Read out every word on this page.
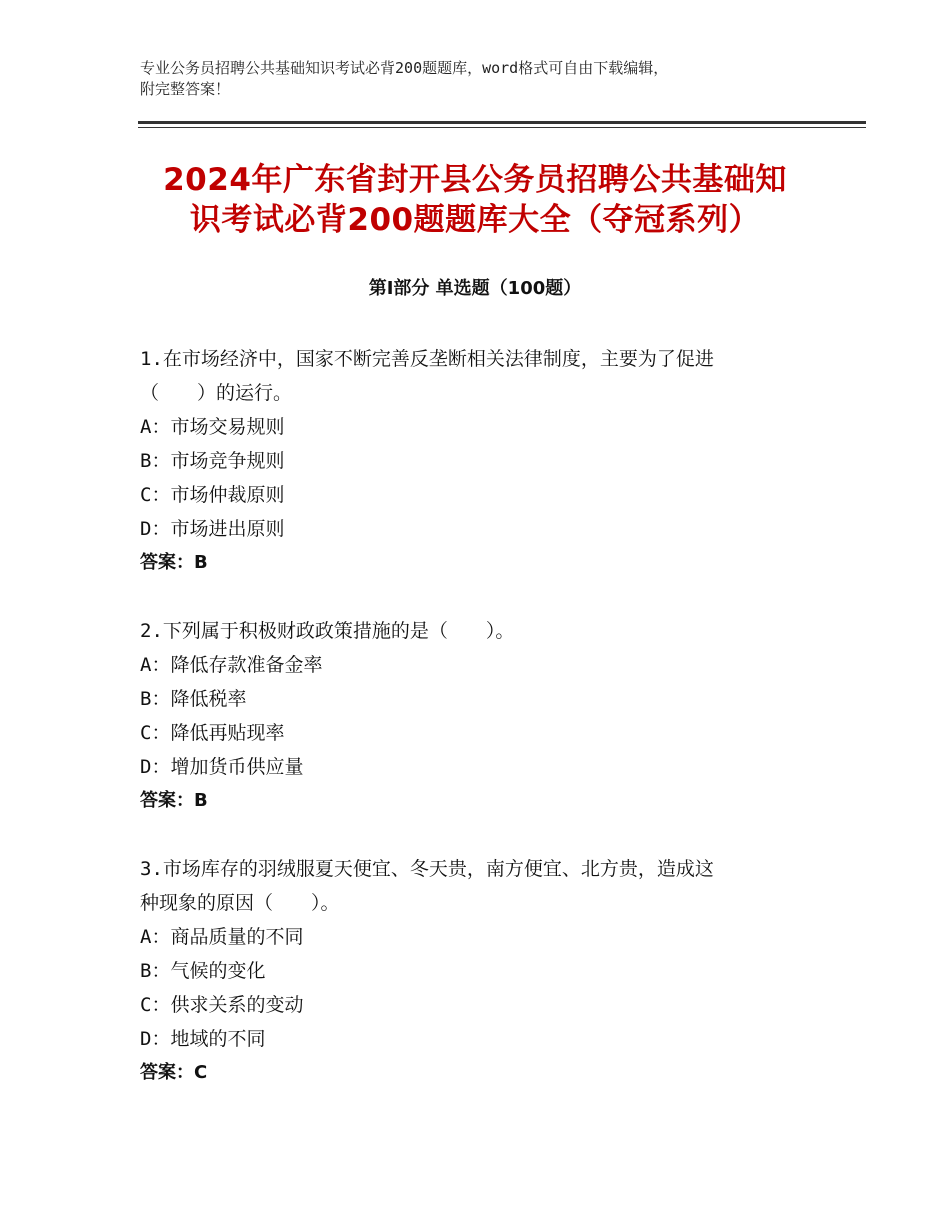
专业公务员招聘公共基础知识考试必背200题题库，word格式可自由下载编辑，
附完整答案！
2024年广东省封开县公务员招聘公共基础知
识考试必背200题题库大全（夺冠系列）
第Ⅰ部分 单选题（100题）
1.在市场经济中，国家不断完善反垄断相关法律制度，主要为了促进
（　　）的运行。
A：市场交易规则
B：市场竞争规则
C：市场仲裁原则
D：市场进出原则
答案：B
2.下列属于积极财政政策措施的是（　　）。
A：降低存款准备金率
B：降低税率
C：降低再贴现率
D：增加货币供应量
答案：B
3.市场库存的羽绒服夏天便宜、冬天贵，南方便宜、北方贵，造成这
种现象的原因（　　）。
A：商品质量的不同
B：气候的变化
C：供求关系的变动
D：地域的不同
答案：C
